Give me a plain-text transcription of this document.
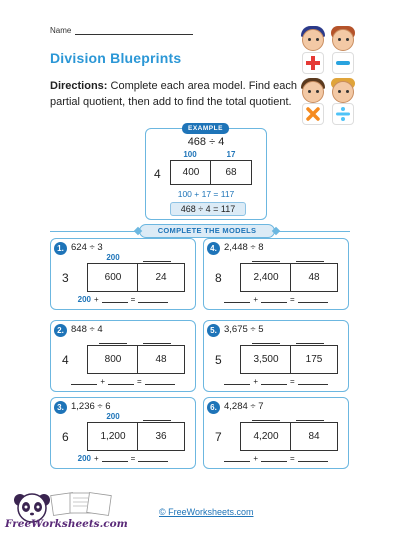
Name
Division Blueprints
Directions: Complete each area model. Find each partial quotient, then add to find the total quotient.
EXAMPLE
468 ÷ 4
100	17
4	400	68
100 + 17 = 117
468 ÷ 4 = 117
COMPLETE THE MODELS
1. 624 ÷ 3
200
3	600	24
200 +	=
2. 848 ÷ 4
4	800	48
+	=
3. 1,236 ÷ 6
200
6	1,200	36
200 +	=
4. 2,448 ÷ 8
8	2,400	48
+	=
5. 3,675 ÷ 5
5	3,500	175
+	=
6. 4,284 ÷ 7
7	4,200	84
+	=
FreeWorksheets.com
© FreeWorksheets.com
